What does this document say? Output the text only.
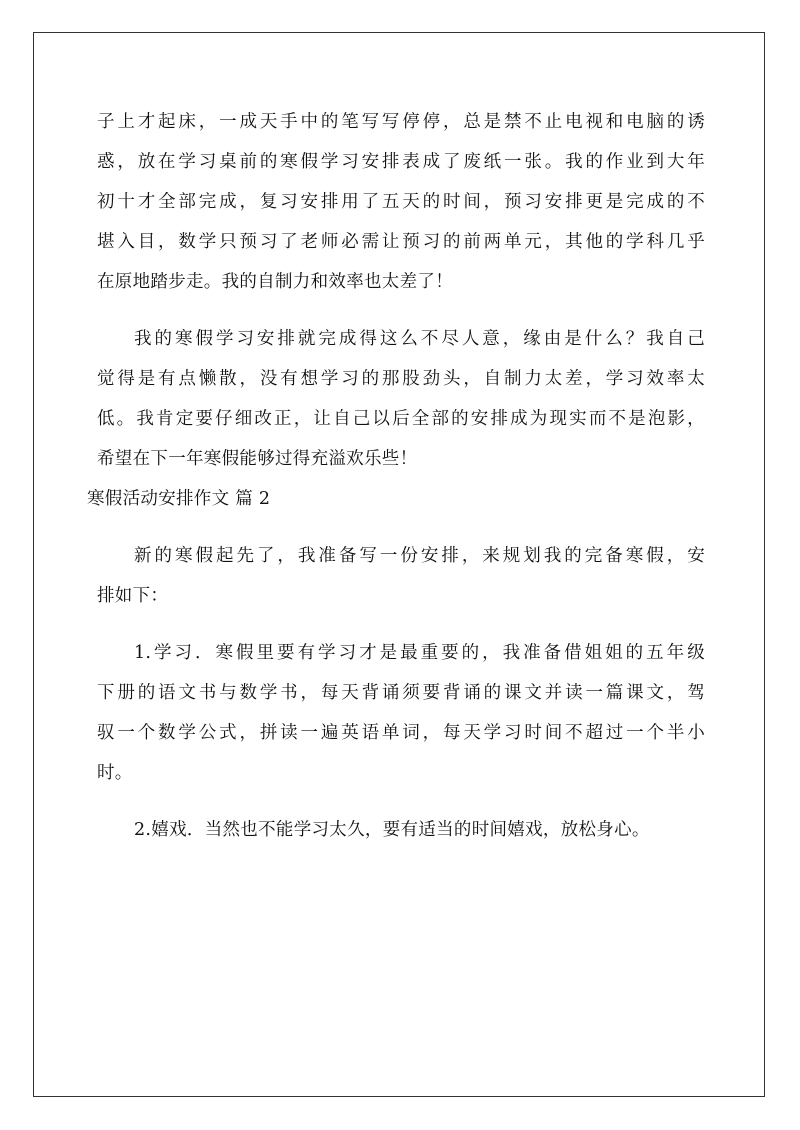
子上才起床，一成天手中的笔写写停停，总是禁不止电视和电脑的诱
惑，放在学习桌前的寒假学习安排表成了废纸一张。我的作业到大年
初十才全部完成，复习安排用了五天的时间，预习安排更是完成的不
堪入目，数学只预习了老师必需让预习的前两单元，其他的学科几乎
在原地踏步走。我的自制力和效率也太差了！
我的寒假学习安排就完成得这么不尽人意，缘由是什么？我自己
觉得是有点懒散，没有想学习的那股劲头，自制力太差，学习效率太
低。我肯定要仔细改正，让自己以后全部的安排成为现实而不是泡影，
希望在下一年寒假能够过得充溢欢乐些！
寒假活动安排作文 篇 2
新的寒假起先了，我准备写一份安排，来规划我的完备寒假，安
排如下：
1.学习．寒假里要有学习才是最重要的，我准备借姐姐的五年级
下册的语文书与数学书，每天背诵须要背诵的课文并读一篇课文，驾
驭一个数学公式，拼读一遍英语单词，每天学习时间不超过一个半小
时。
2.嬉戏．当然也不能学习太久，要有适当的时间嬉戏，放松身心。
